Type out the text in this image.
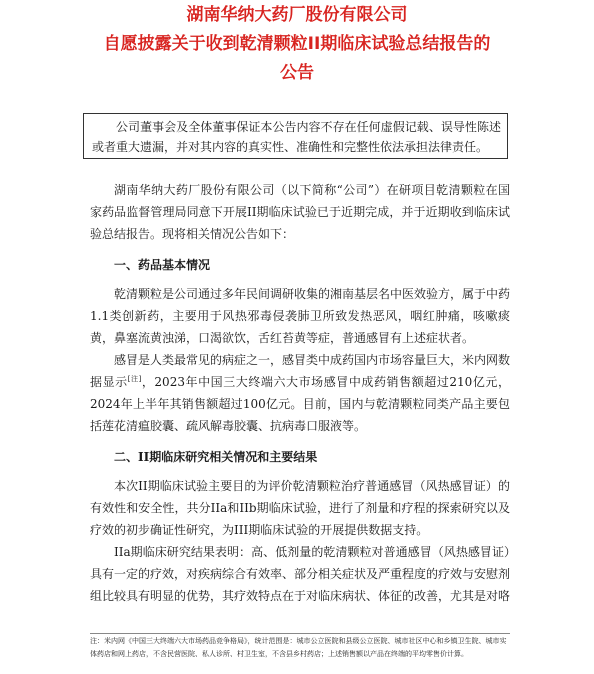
湖南华纳大药厂股份有限公司
自愿披露关于收到乾清颗粒II期临床试验总结报告的
公告
公司董事会及全体董事保证本公告内容不存在任何虚假记载、误导性陈述或者重大遗漏，并对其内容的真实性、准确性和完整性依法承担法律责任。

湖南华纳大药厂股份有限公司（以下简称“公司”）在研项目乾清颗粒在国家药品监督管理局同意下开展II期临床试验已于近期完成，并于近期收到临床试验总结报告。现将相关情况公告如下：

一、药品基本情况

乾清颗粒是公司通过多年民间调研收集的湘南基层名中医效验方，属于中药1.1类创新药，主要用于风热邪毒侵袭肺卫所致发热恶风，咽红肿痛，咳嗽痰黄，鼻塞流黄浊涕，口渴欲饮，舌红苔黄等症，普通感冒有上述症状者。

感冒是人类最常见的病症之一，感冒类中成药国内市场容量巨大，米内网数据显示[注]，2023年中国三大终端六大市场感冒中成药销售额超过210亿元，2024年上半年其销售额超过100亿元。目前，国内与乾清颗粒同类产品主要包括莲花清瘟胶囊、疏风解毒胶囊、抗病毒口服液等。

二、II期临床研究相关情况和主要结果

本次II期临床试验主要目的为评价乾清颗粒治疗普通感冒（风热感冒证）的有效性和安全性，共分IIa和IIb期临床试验，进行了剂量和疗程的探索研究以及疗效的初步确证性研究，为III期临床试验的开展提供数据支持。

IIa期临床研究结果表明：高、低剂量的乾清颗粒对普通感冒（风热感冒证）具有一定的疗效，对疾病综合有效率、部分相关症状及严重程度的疗效与安慰剂组比较具有明显的优势，其疗效特点在于对临床病状、体征的改善，尤其是对咯

注：米内网《中国三大终端六大市场药品竞争格局》，统计范围是：城市公立医院和县级公立医院、城市社区中心和乡镇卫生院、城市实体药店和网上药店，不含民营医院、私人诊所、村卫生室，不含县乡村药店；上述销售额以产品在终端的平均零售价计算。
